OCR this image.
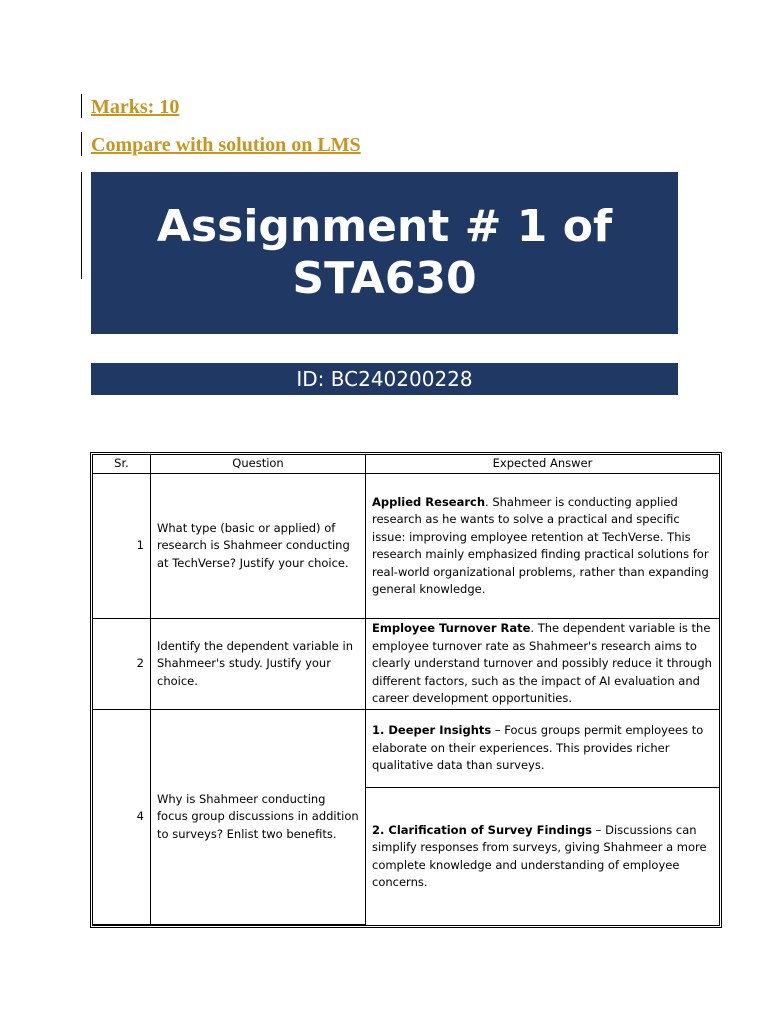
Marks: 10
Compare with solution on LMS
Assignment # 1 of STA630
ID: BC240200228
Sr.	Question	Expected Answer
1	What type (basic or applied) of research is Shahmeer conducting at TechVerse? Justify your choice.	Applied Research. Shahmeer is conducting applied research as he wants to solve a practical and specific issue: improving employee retention at TechVerse. This research mainly emphasized finding practical solutions for real-world organizational problems, rather than expanding general knowledge.
2	Identify the dependent variable in Shahmeer's study. Justify your choice.	Employee Turnover Rate. The dependent variable is the employee turnover rate as Shahmeer's research aims to clearly understand turnover and possibly reduce it through different factors, such as the impact of AI evaluation and career development opportunities.
4	Why is Shahmeer conducting focus group discussions in addition to surveys? Enlist two benefits.	1. Deeper Insights – Focus groups permit employees to elaborate on their experiences. This provides richer qualitative data than surveys.
		2. Clarification of Survey Findings – Discussions can simplify responses from surveys, giving Shahmeer a more complete knowledge and understanding of employee concerns.
